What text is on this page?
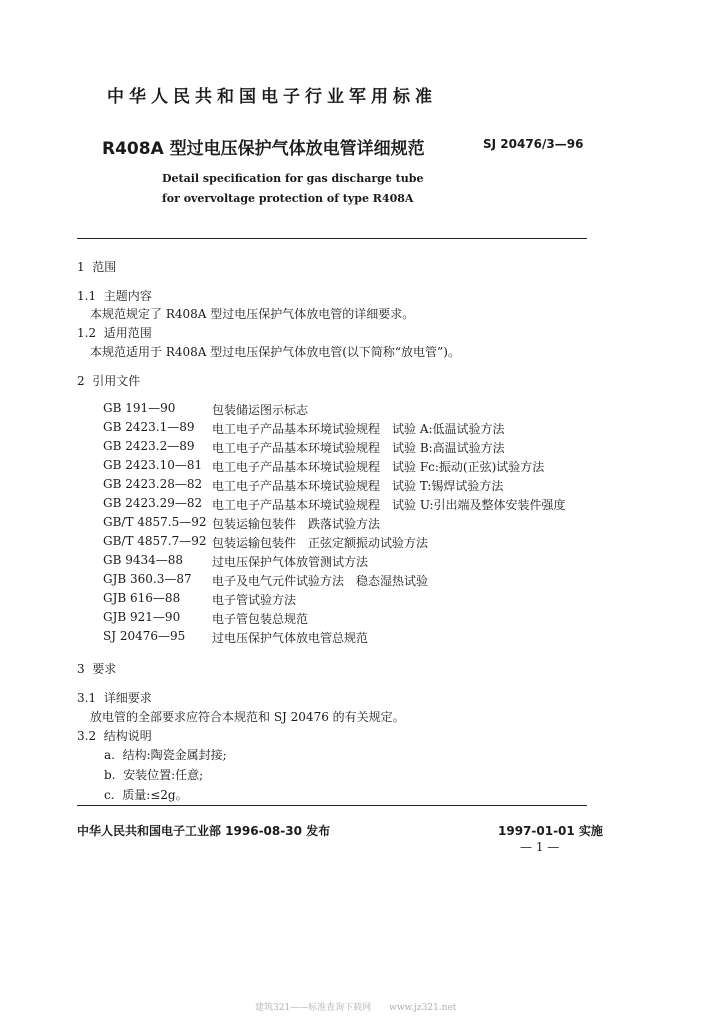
中华人民共和国电子行业军用标准
R408A 型过电压保护气体放电管详细规范	SJ 20476/3—96
Detail specification for gas discharge tube
for overvoltage protection of type R408A
1 范围
1.1 主题内容
本规范规定了 R408A 型过电压保护气体放电管的详细要求。
1.2 适用范围
本规范适用于 R408A 型过电压保护气体放电管(以下简称“放电管”)。
2 引用文件
GB 191—90	包装储运图示标志
GB 2423.1—89 电工电子产品基本环境试验规程　试验 A:低温试验方法
GB 2423.2—89 电工电子产品基本环境试验规程　试验 B:高温试验方法
GB 2423.10—81 电工电子产品基本环境试验规程　试验 Fc:振动(正弦)试验方法
GB 2423.28—82 电工电子产品基本环境试验规程　试验 T:锡焊试验方法
GB 2423.29—82 电工电子产品基本环境试验规程　试验 U:引出端及整体安装件强度
GB/T 4857.5—92 包装运输包装件　跌落试验方法
GB/T 4857.7—92 包装运输包装件　正弦定额振动试验方法
GB 9434—88 过电压保护气体放管测试方法
GJB 360.3—87 电子及电气元件试验方法　稳态湿热试验
GJB 616—88	电子管试验方法
GJB 921—90	电子管包装总规范
SJ 20476—95 过电压保护气体放电管总规范
3 要求
3.1 详细要求
放电管的全部要求应符合本规范和 SJ 20476 的有关规定。
3.2 结构说明
a. 结构:陶瓷金属封接;
b. 安装位置:任意;
c. 质量:≤2g。
中华人民共和国电子工业部 1996-08-30 发布	1997-01-01 实施
— 1 —
建筑321——标准查询下载网　　www.jz321.net
